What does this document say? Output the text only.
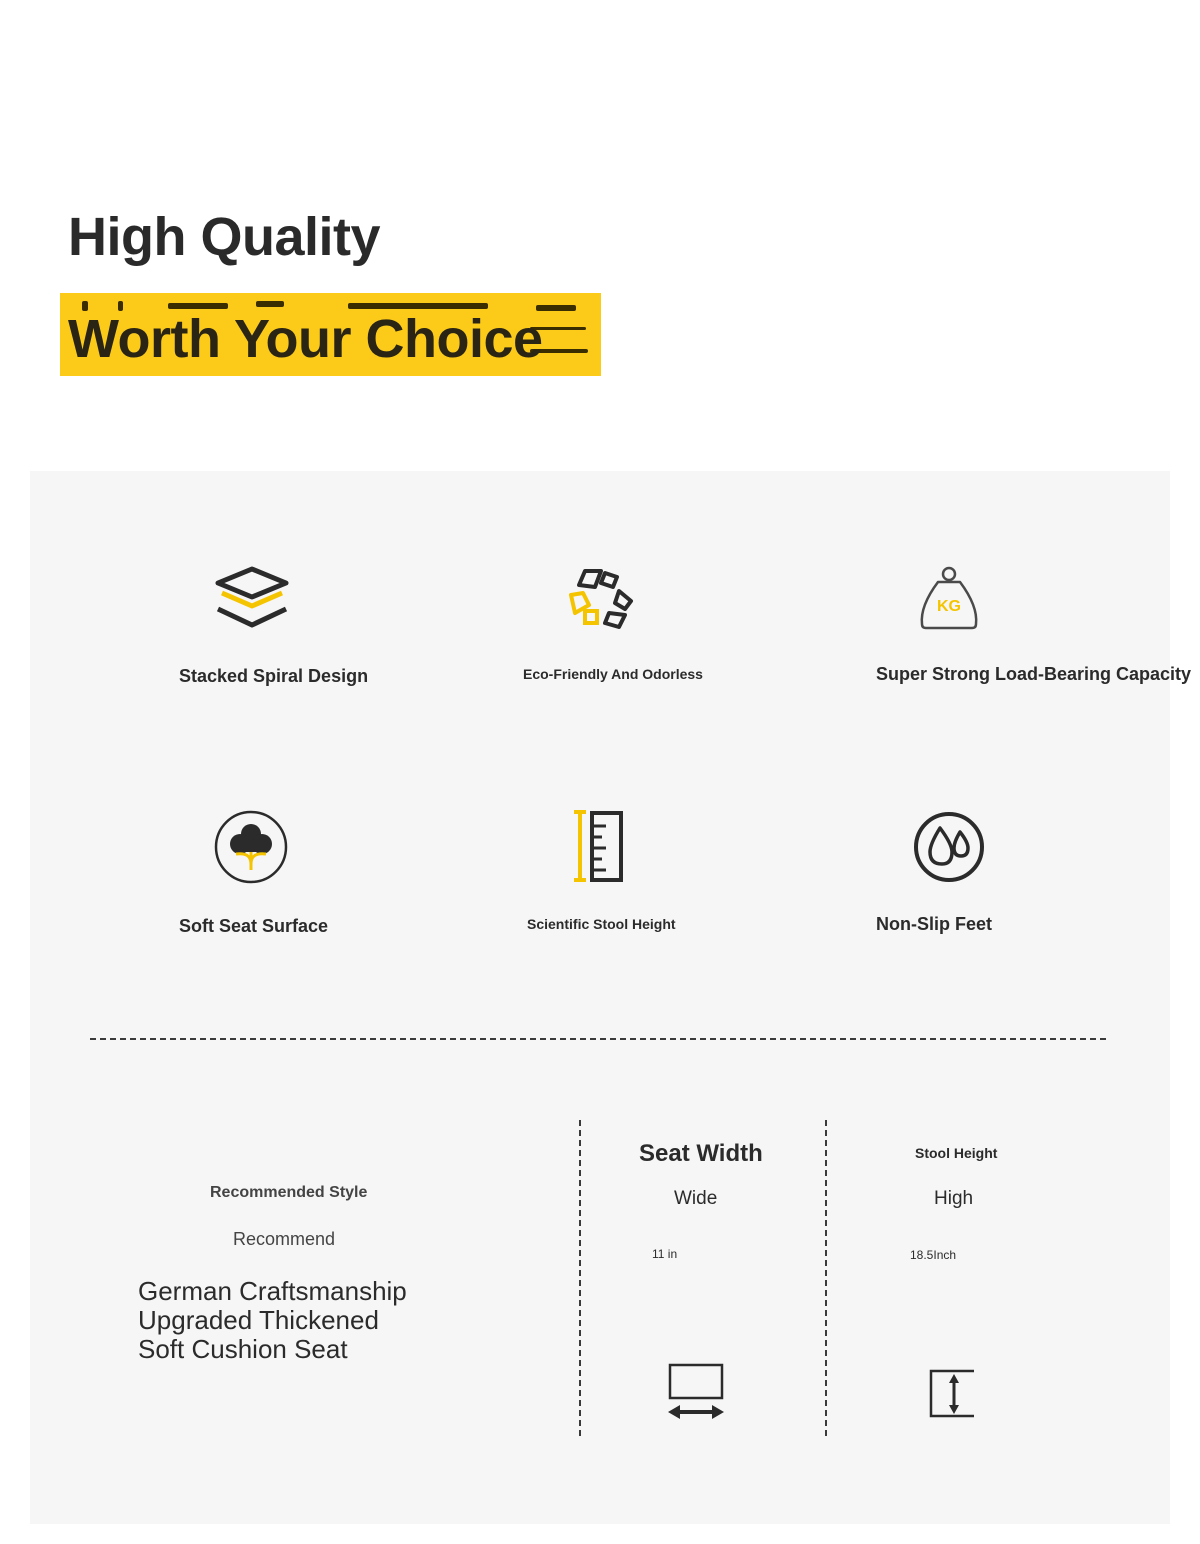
High Quality
Worth Your Choice
Stacked Spiral Design	Eco-Friendly And Odorless
KG
Super Strong Load-Bearing Capacity
Soft Seat Surface	Scientific Stool Height	Non-Slip Feet
Recommended Style
Recommend
German Craftsmanship
Upgraded Thickened
Soft Cushion Seat
Seat Width
Wide
11 in
Stool Height
High
18.5Inch
